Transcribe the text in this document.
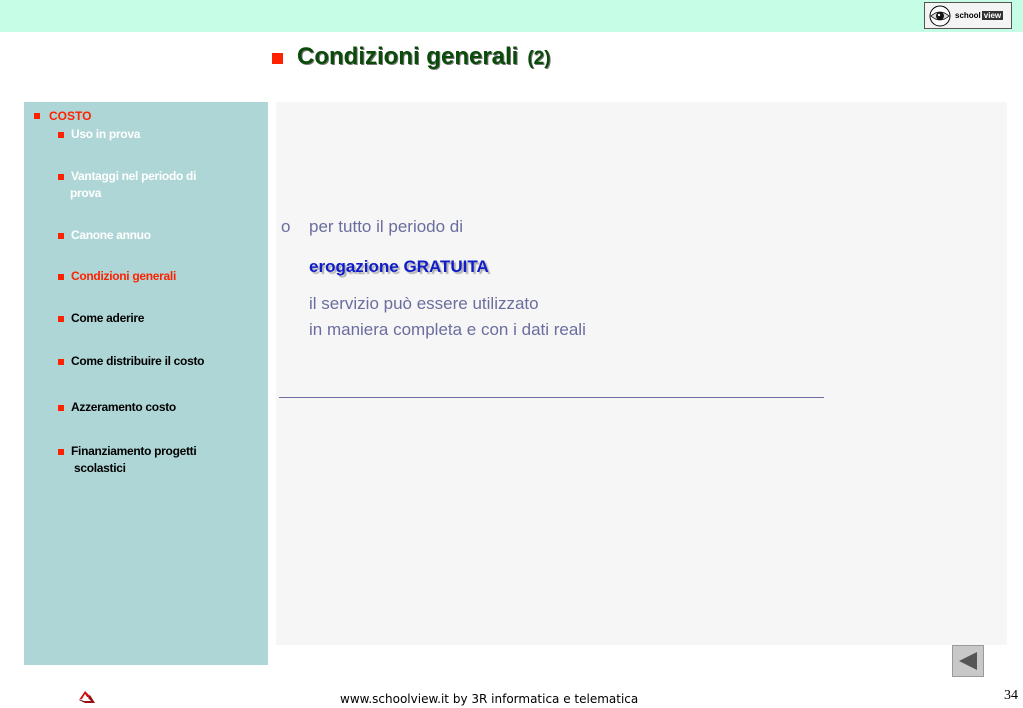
school view
Condizioni generali (2)
COSTO
Uso in prova
Vantaggi nel periodo di
prova
Canone annuo
Condizioni generali
Come aderire
Come distribuire il costo
Azzeramento costo
Finanziamento progetti
scolastici
o per tutto il periodo di
erogazione GRATUITA
il servizio può essere utilizzato
in maniera completa e con i dati reali
www.schoolview.it by 3R informatica e telematica	34
